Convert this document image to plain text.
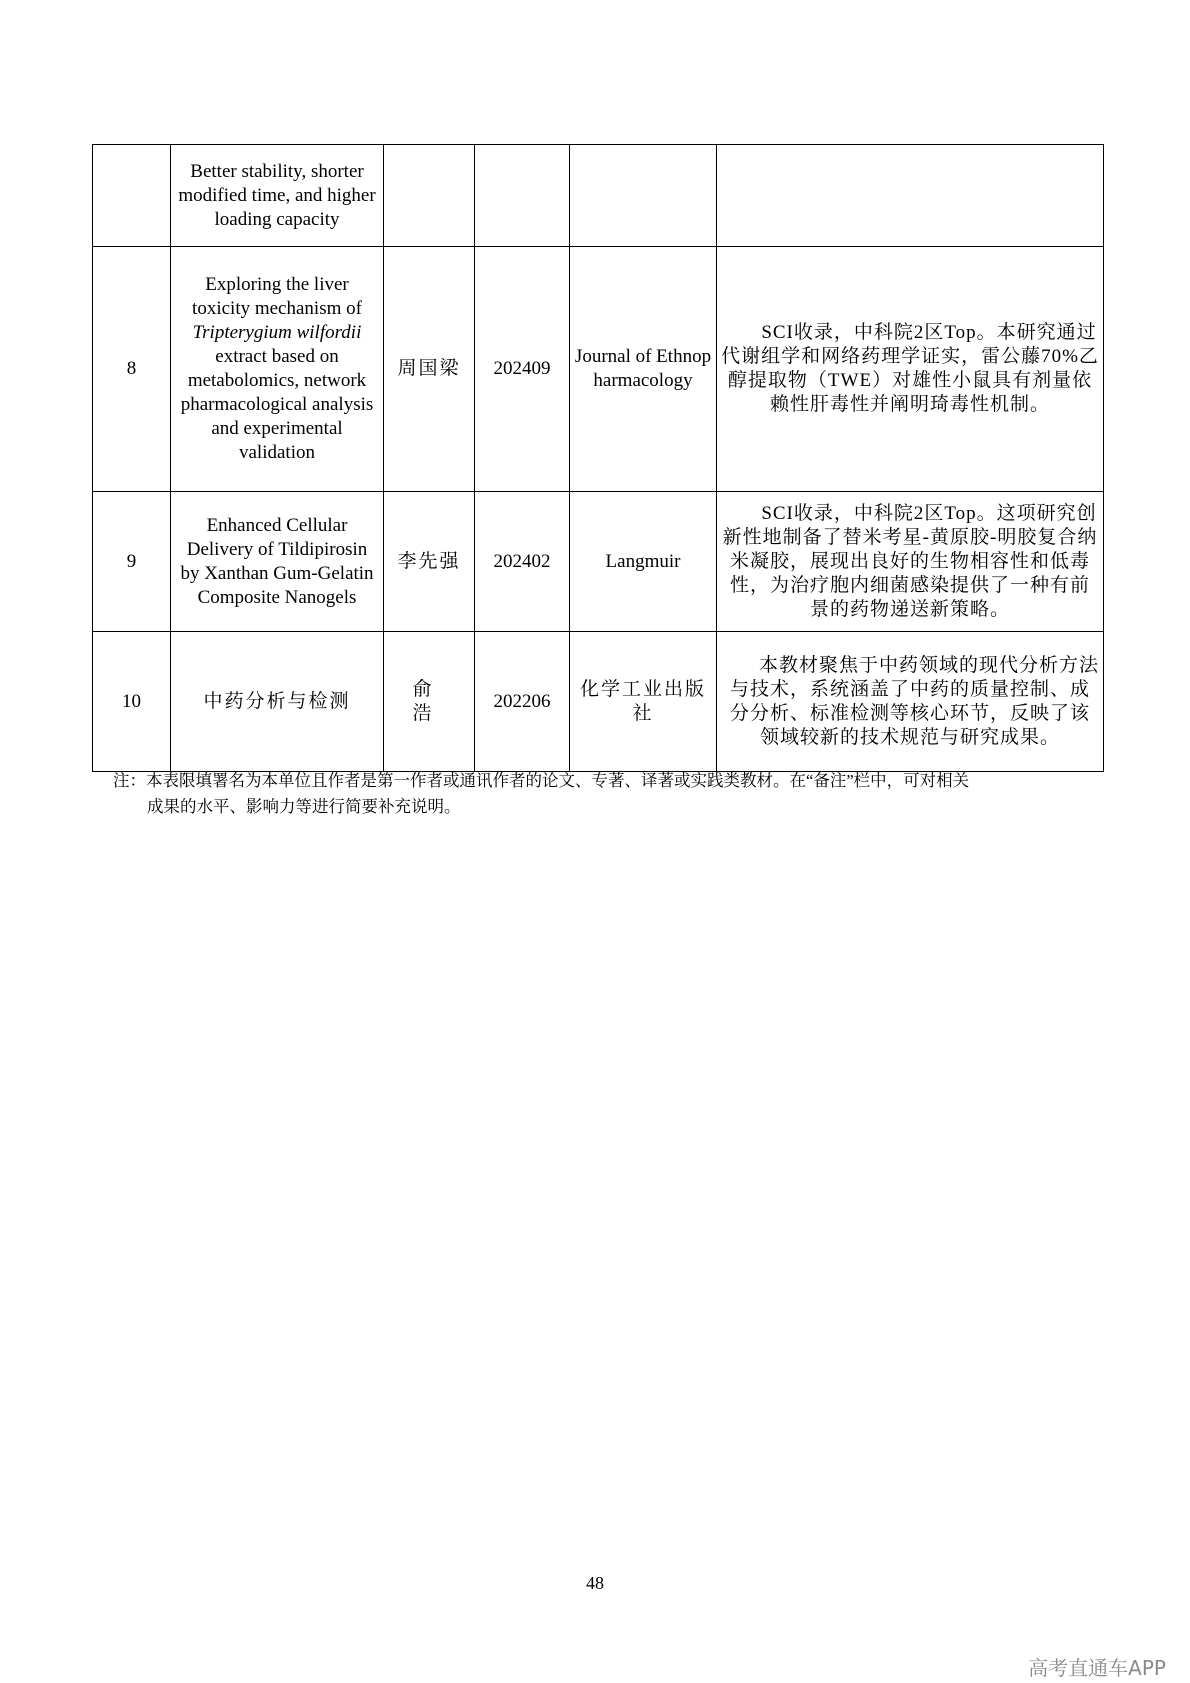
	Better stability, shorter modified time, and higher loading capacity				
8	Exploring the liver toxicity mechanism of Tripterygium wilfordii extract based on metabolomics, network pharmacological analysis and experimental validation	周国梁	202409	Journal of Ethnopharmacology	SCI收录，中科院2区Top。本研究通过代谢组学和网络药理学证实，雷公藤70%乙醇提取物（TWE）对雄性小鼠具有剂量依赖性肝毒性并阐明琦毒性机制。
9	Enhanced Cellular Delivery of Tildipirosin by Xanthan Gum-Gelatin Composite Nanogels	李先强	202402	Langmuir	SCI收录，中科院2区Top。这项研究创新性地制备了替米考星-黄原胶-明胶复合纳米凝胶，展现出良好的生物相容性和低毒性，为治疗胞内细菌感染提供了一种有前景的药物递送新策略。
10	中药分析与检测	俞 浩	202206	化学工业出版社	本教材聚焦于中药领域的现代分析方法与技术，系统涵盖了中药的质量控制、成分分析、标准检测等核心环节，反映了该领域较新的技术规范与研究成果。
注：本表限填署名为本单位且作者是第一作者或通讯作者的论文、专著、译著或实践类教材。在“备注”栏中，可对相关
成果的水平、影响力等进行简要补充说明。
48
高考直通车APP
